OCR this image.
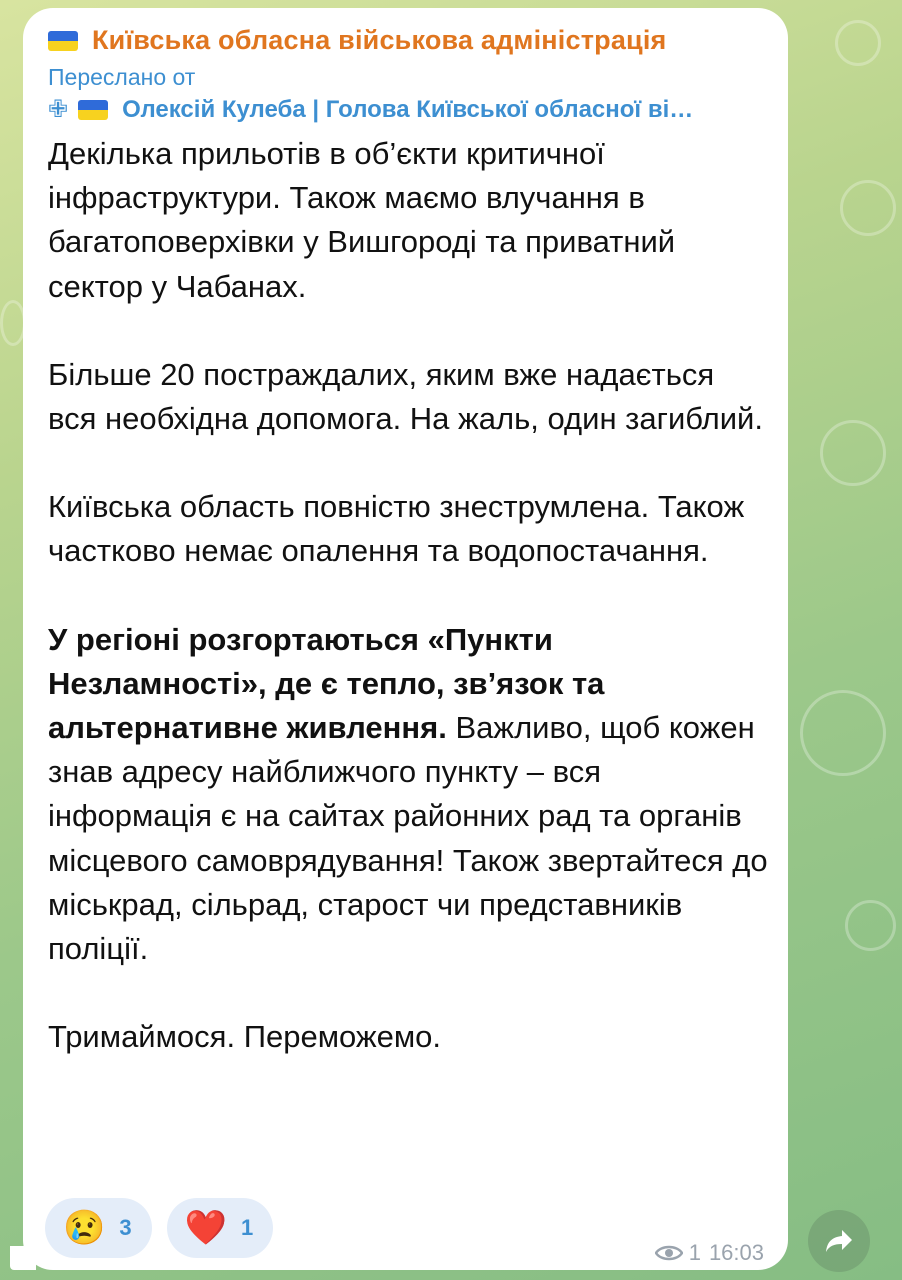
Київська обласна військова адміністрація
Переслано от
✙ Олексій Кулеба | Голова Київської обласної ві…

Декілька прильотів в об’єкти критичної інфраструктури. Також маємо влучання в багатоповерхівки у Вишгороді та приватний сектор у Чабанах.

Більше 20 постраждалих, яким вже надається вся необхідна допомога. На жаль, один загиблий.

Київська область повністю знеструмлена. Також частково немає опалення та водопостачання.

У регіоні розгортаються «Пункти Незламності», де є тепло, зв’язок та альтернативне живлення. Важливо, щоб кожен знав адресу найближчого пункту – вся інформація є на сайтах районних рад та органів місцевого самоврядування! Також звертайтеся до міськрад, сільрад, старост чи представників поліції.

Тримаймося. Переможемо.

😢 3 ❤️ 1
1 16:03
